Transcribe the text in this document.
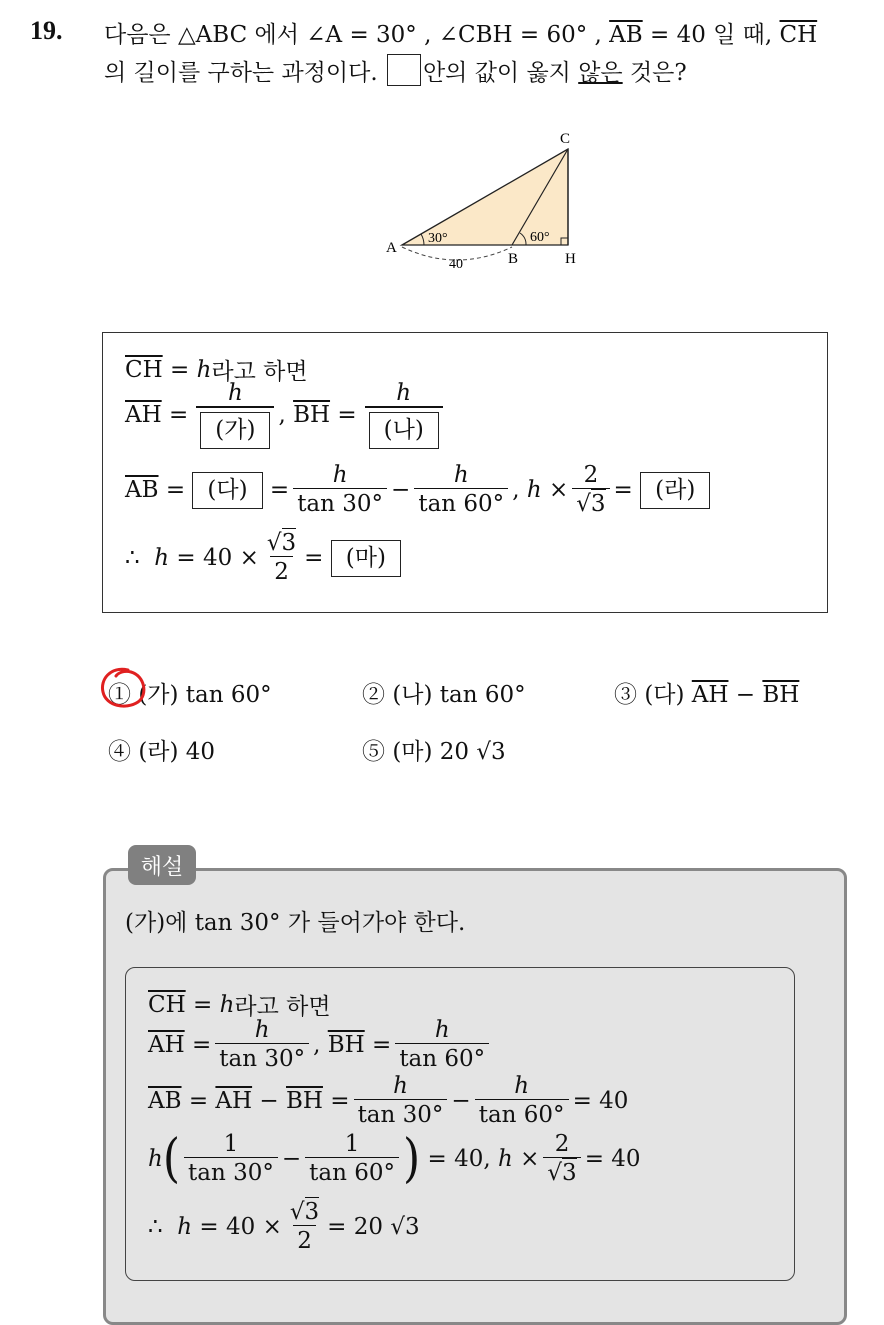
19. 다음은 △ABC 에서 ∠A = 30° , ∠CBH = 60° , $\overline{AB} = 40$ 일 때, $\overline{CH}$
의 길이를 구하는 과정이다. 안의 값이 옳지 않은 것은?
C
A
B	H
30°	60°
40
$\overline{CH}$
=
h 라고 하면
$\overline{AH}$
= $\frac{h}{\text{(가)}}$ ,
$\overline{BH}$
= $\frac{h}{\text{(나)}}$
$\overline{AB}$
=
(다)
= $\frac{h}{\tan 30^\circ} - \frac{h}{\tan 60^\circ}$ ,
h
× $\frac{2}{√3}$ =
(라)
∴
h
=
40
× $\frac{√3}{2}$ =
(마)
① (가) tan 60°	② (나) tan 60°	③ (다) $\overline{AH} - \overline{BH}$
④ (라) 40	⑤ (마) 20 √3
해설
(가)에 tan 30° 가 들어가야 한다.
$\overline{CH}$
=
h 라고 하면
$\overline{AH}$
= $\frac{h}{\tan 30^\circ}$ ,
$\overline{BH}$
= $\frac{h}{\tan 60^\circ}$
$\overline{AB}$
=
$\overline{AH}$
−
$\overline{BH}$
= $\frac{h}{\tan 30^\circ} - \frac{h}{\tan 60^\circ} = 40$
h ( $\frac{1}{\tan 30^\circ} - \frac{1}{\tan 60^\circ}$ )
= 40,
h
× $\frac{2}{√3} = 40$
∴
h
=
40
× $\frac{√3}{2} = 20$ √3
